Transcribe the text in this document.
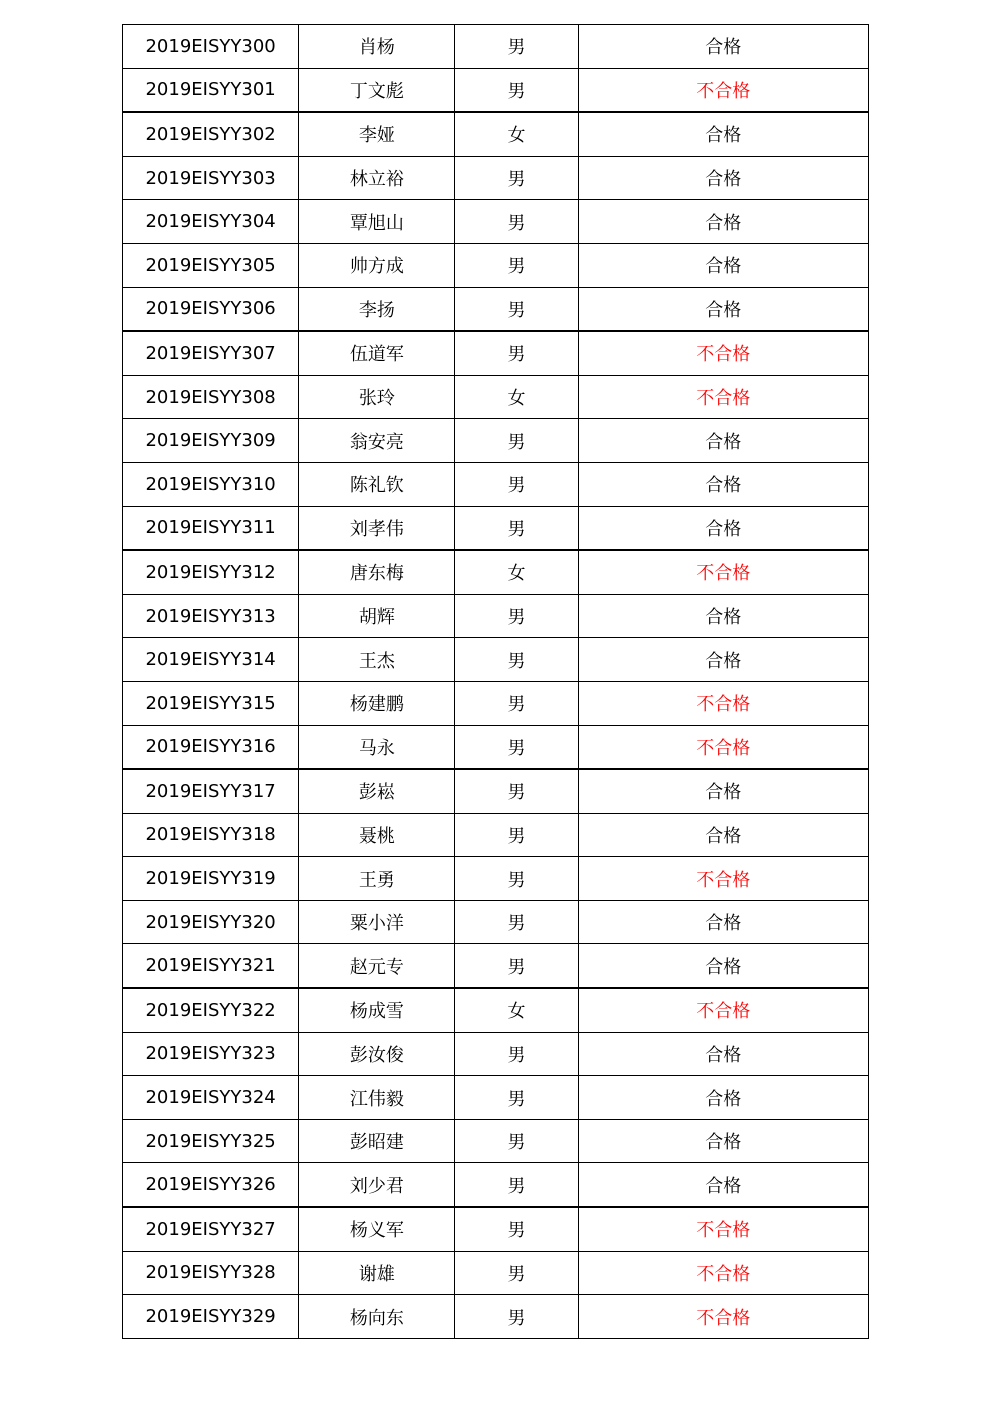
2019EISYY300	肖杨	男	合格
2019EISYY301	丁文彪	男	不合格
2019EISYY302	李娅	女	合格
2019EISYY303	林立裕	男	合格
2019EISYY304	覃旭山	男	合格
2019EISYY305	帅方成	男	合格
2019EISYY306	李扬	男	合格
2019EISYY307	伍道军	男	不合格
2019EISYY308	张玲	女	不合格
2019EISYY309	翁安亮	男	合格
2019EISYY310	陈礼钦	男	合格
2019EISYY311	刘孝伟	男	合格
2019EISYY312	唐东梅	女	不合格
2019EISYY313	胡辉	男	合格
2019EISYY314	王杰	男	合格
2019EISYY315	杨建鹏	男	不合格
2019EISYY316	马永	男	不合格
2019EISYY317	彭崧	男	合格
2019EISYY318	聂桃	男	合格
2019EISYY319	王勇	男	不合格
2019EISYY320	粟小洋	男	合格
2019EISYY321	赵元专	男	合格
2019EISYY322	杨成雪	女	不合格
2019EISYY323	彭汝俊	男	合格
2019EISYY324	江伟毅	男	合格
2019EISYY325	彭昭建	男	合格
2019EISYY326	刘少君	男	合格
2019EISYY327	杨义军	男	不合格
2019EISYY328	谢雄	男	不合格
2019EISYY329	杨向东	男	不合格
